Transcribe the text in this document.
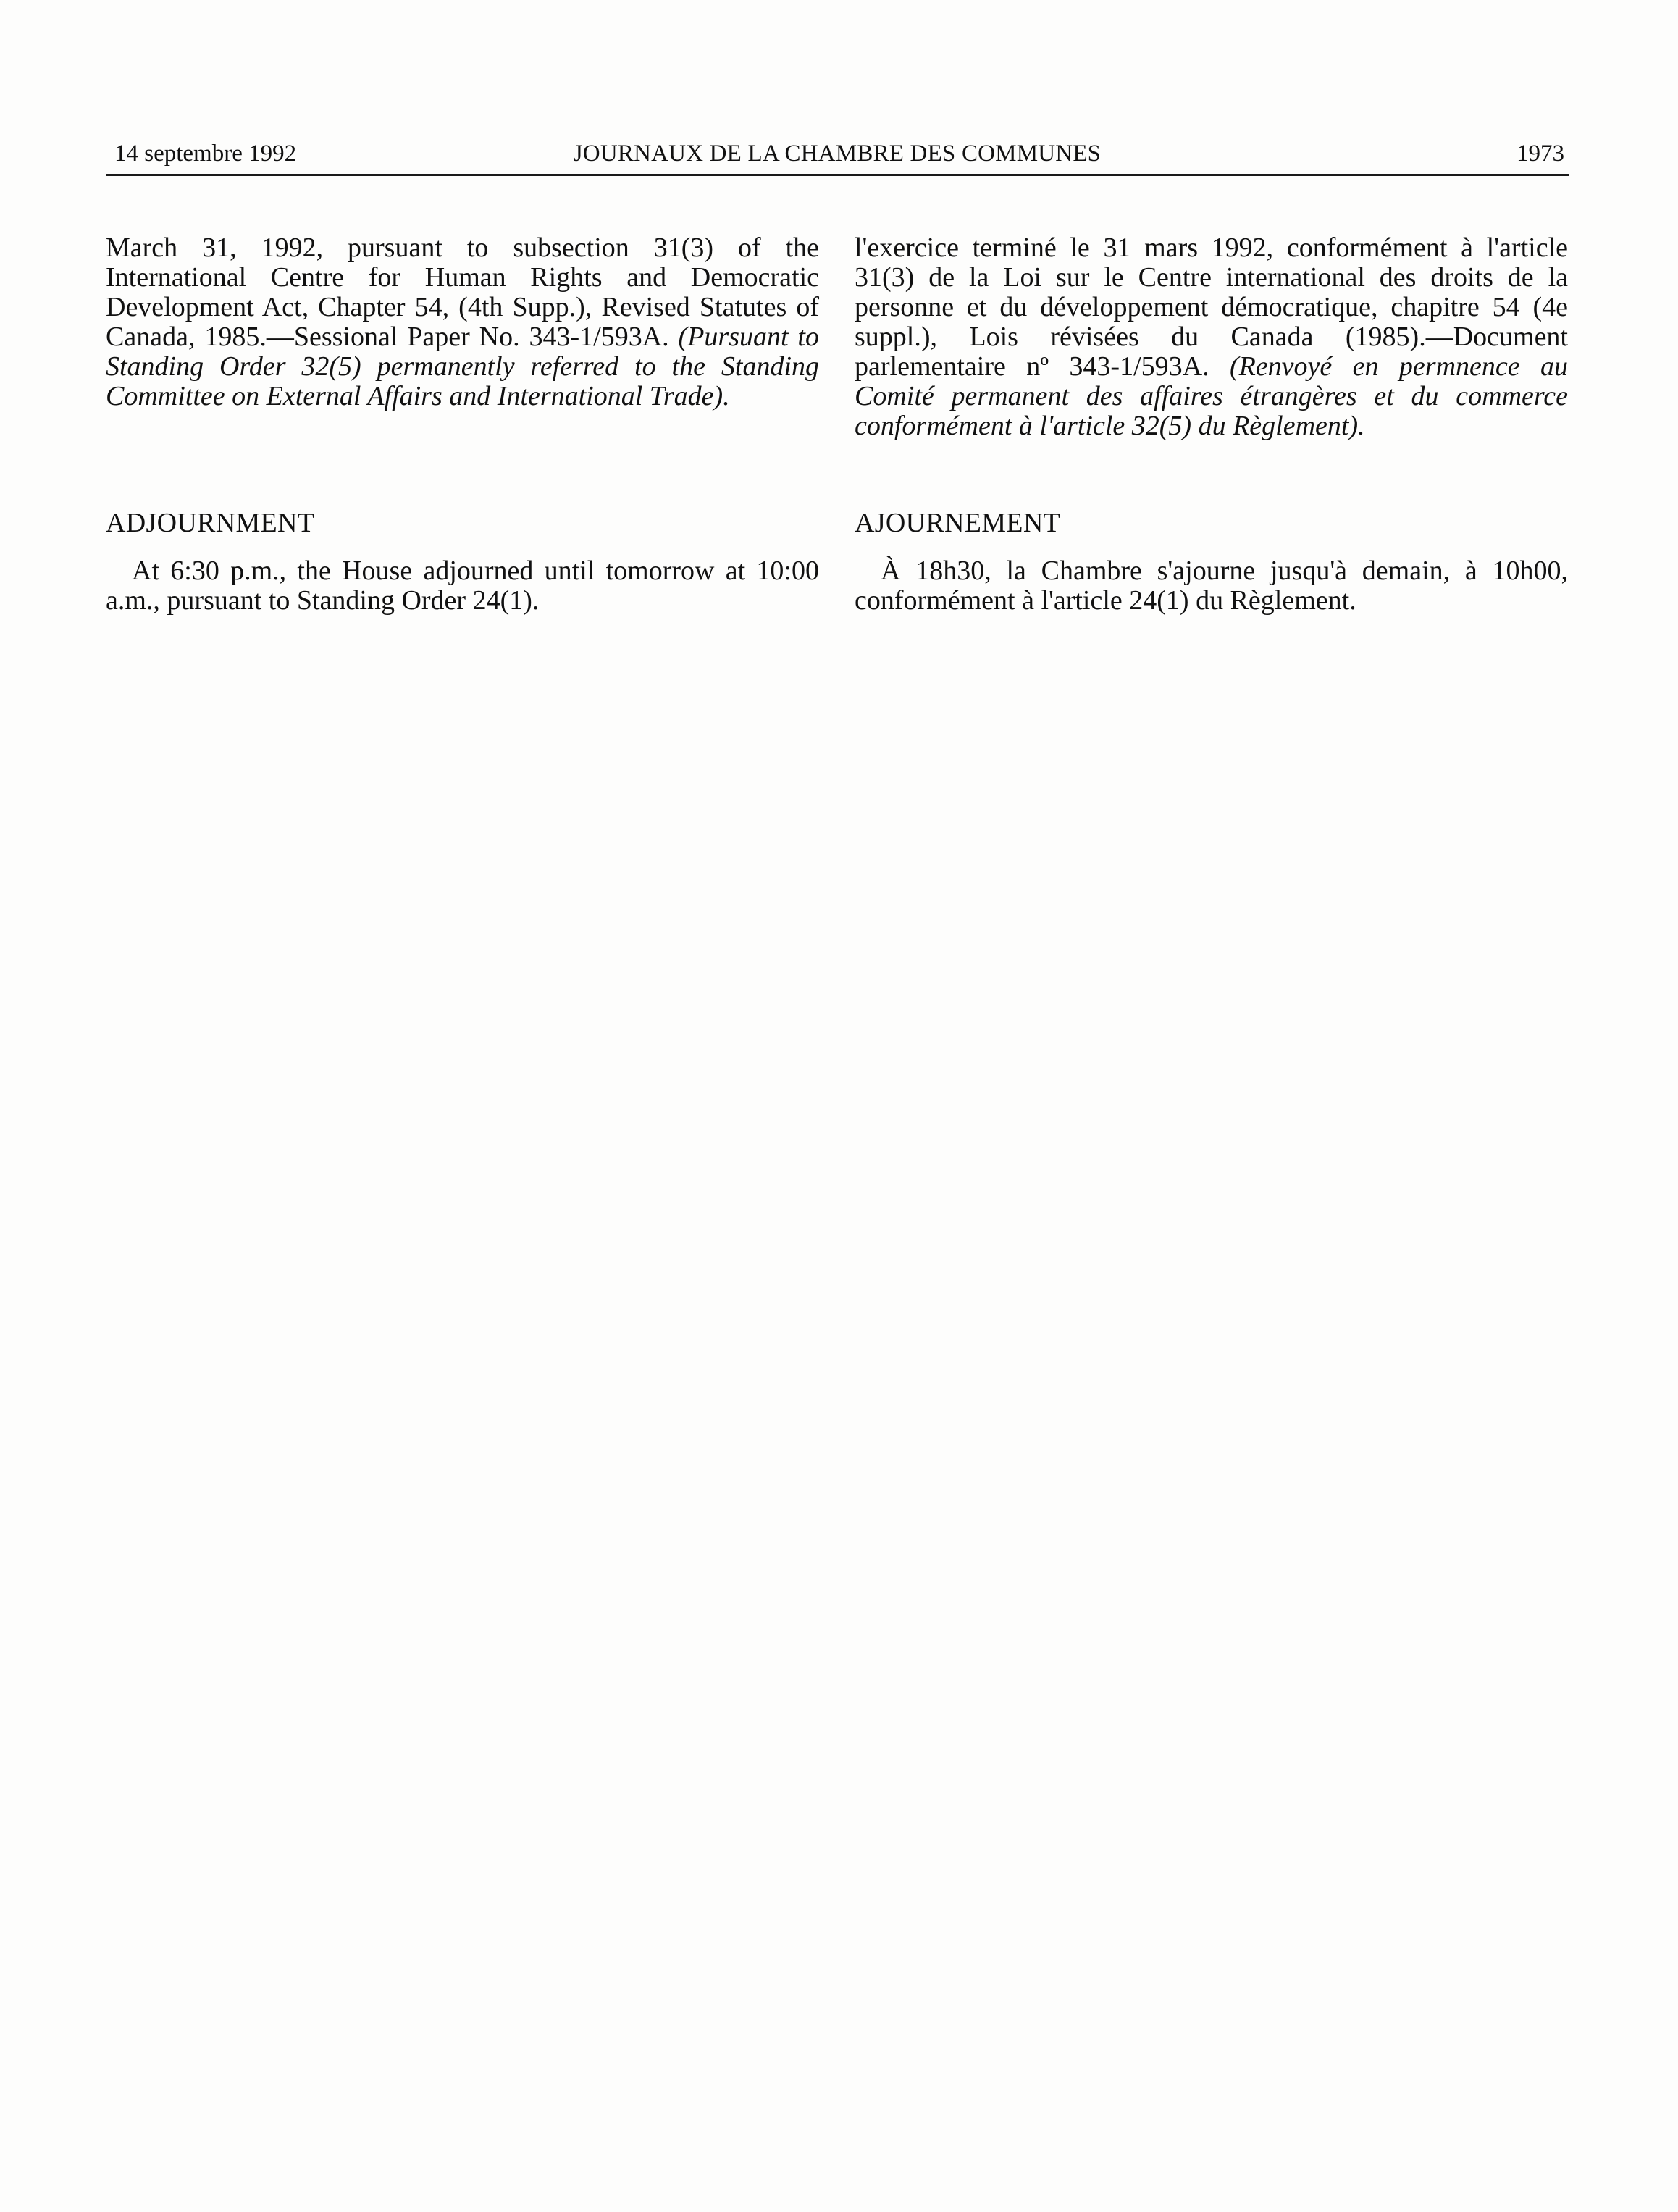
14 septembre 1992	JOURNAUX DE LA CHAMBRE DES COMMUNES	1973

March 31, 1992, pursuant to subsection 31(3) of the International Centre for Human Rights and Democratic Development Act, Chapter 54, (4th Supp.), Revised Statutes of Canada, 1985.—Sessional Paper No. 343-1/593A. (Pursuant to Standing Order 32(5) permanently referred to the Standing Committee on External Affairs and International Trade).

l'exercice terminé le 31 mars 1992, conformément à l'article 31(3) de la Loi sur le Centre international des droits de la personne et du développement démocratique, chapitre 54 (4e suppl.), Lois révisées du Canada (1985).—Document parlementaire nº 343-1/593A. (Renvoyé en permnence au Comité permanent des affaires étrangères et du commerce conformément à l'article 32(5) du Règlement).

ADJOURNMENT	AJOURNEMENT

At 6:30 p.m., the House adjourned until tomorrow at 10:00 a.m., pursuant to Standing Order 24(1).

À 18h30, la Chambre s'ajourne jusqu'à demain, à 10h00, conformément à l'article 24(1) du Règlement.
